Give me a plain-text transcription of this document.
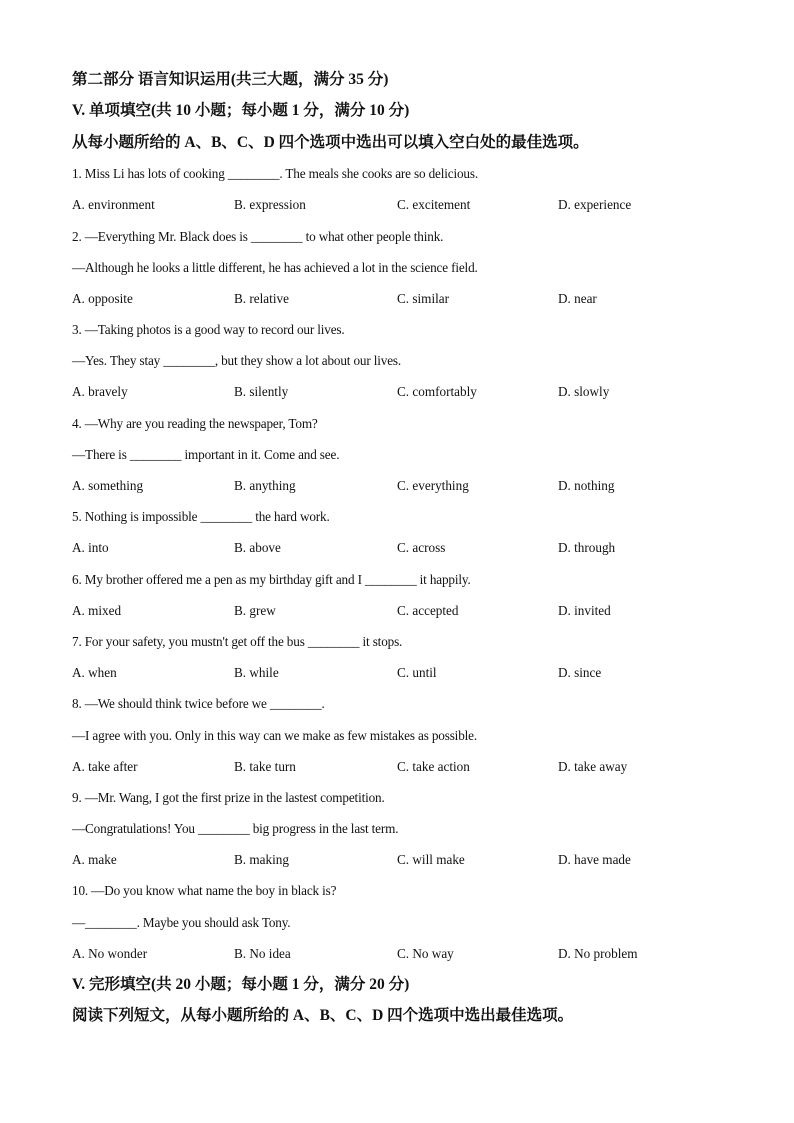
第二部分 语言知识运用(共三大题，满分 35 分)
V. 单项填空(共 10 小题；每小题 1 分，满分 10 分)
从每小题所给的 A、B、C、D 四个选项中选出可以填入空白处的最佳选项。
1. Miss Li has lots of cooking ________. The meals she cooks are so delicious.
A. environment	B. expression	C. excitement	D. experience
2. —Everything Mr. Black does is ________ to what other people think.
—Although he looks a little different, he has achieved a lot in the science field.
A. opposite	B. relative	C. similar	D. near
3. —Taking photos is a good way to record our lives.
—Yes. They stay ________, but they show a lot about our lives.
A. bravely	B. silently	C. comfortably	D. slowly
4. —Why are you reading the newspaper, Tom?
—There is ________ important in it. Come and see.
A. something	B. anything	C. everything	D. nothing
5. Nothing is impossible ________ the hard work.
A. into	B. above	C. across	D. through
6. My brother offered me a pen as my birthday gift and I ________ it happily.
A. mixed	B. grew	C. accepted	D. invited
7. For your safety, you mustn't get off the bus ________ it stops.
A. when	B. while	C. until	D. since
8. —We should think twice before we ________.
—I agree with you. Only in this way can we make as few mistakes as possible.
A. take after	B. take turn	C. take action	D. take away
9. —Mr. Wang, I got the first prize in the lastest competition.
—Congratulations! You ________ big progress in the last term.
A. make	B. making	C. will make	D. have made
10. —Do you know what name the boy in black is?
—________. Maybe you should ask Tony.
A. No wonder	B. No idea	C. No way	D. No problem
V. 完形填空(共 20 小题；每小题 1 分，满分 20 分)
阅读下列短文，从每小题所给的 A、B、C、D 四个选项中选出最佳选项。
